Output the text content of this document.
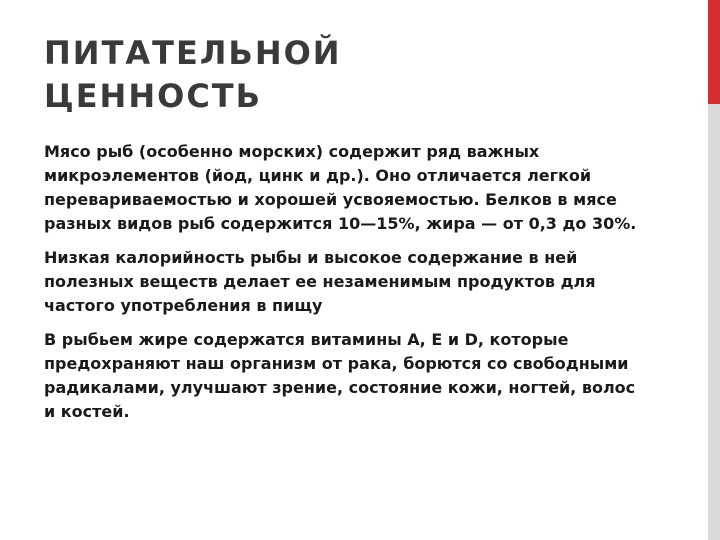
ПИТАТЕЛЬНОЙ
ЦЕННОСТЬ

Мясо рыб (особенно морских) содержит ряд важных микроэлементов (йод, цинк и др.). Оно отличается легкой перевариваемостью и хорошей усвояемостью. Белков в мясе разных видов рыб содержится 10—15%, жира — от 0,3 до 30%.

Низкая калорийность рыбы и высокое содержание в ней полезных веществ делает ее незаменимым продуктов для частого употребления в пищу

В рыбьем жире содержатся витамины А, Е и D, которые предохраняют наш организм от рака, борются со свободными радикалами, улучшают зрение, состояние кожи, ногтей, волос и костей.
